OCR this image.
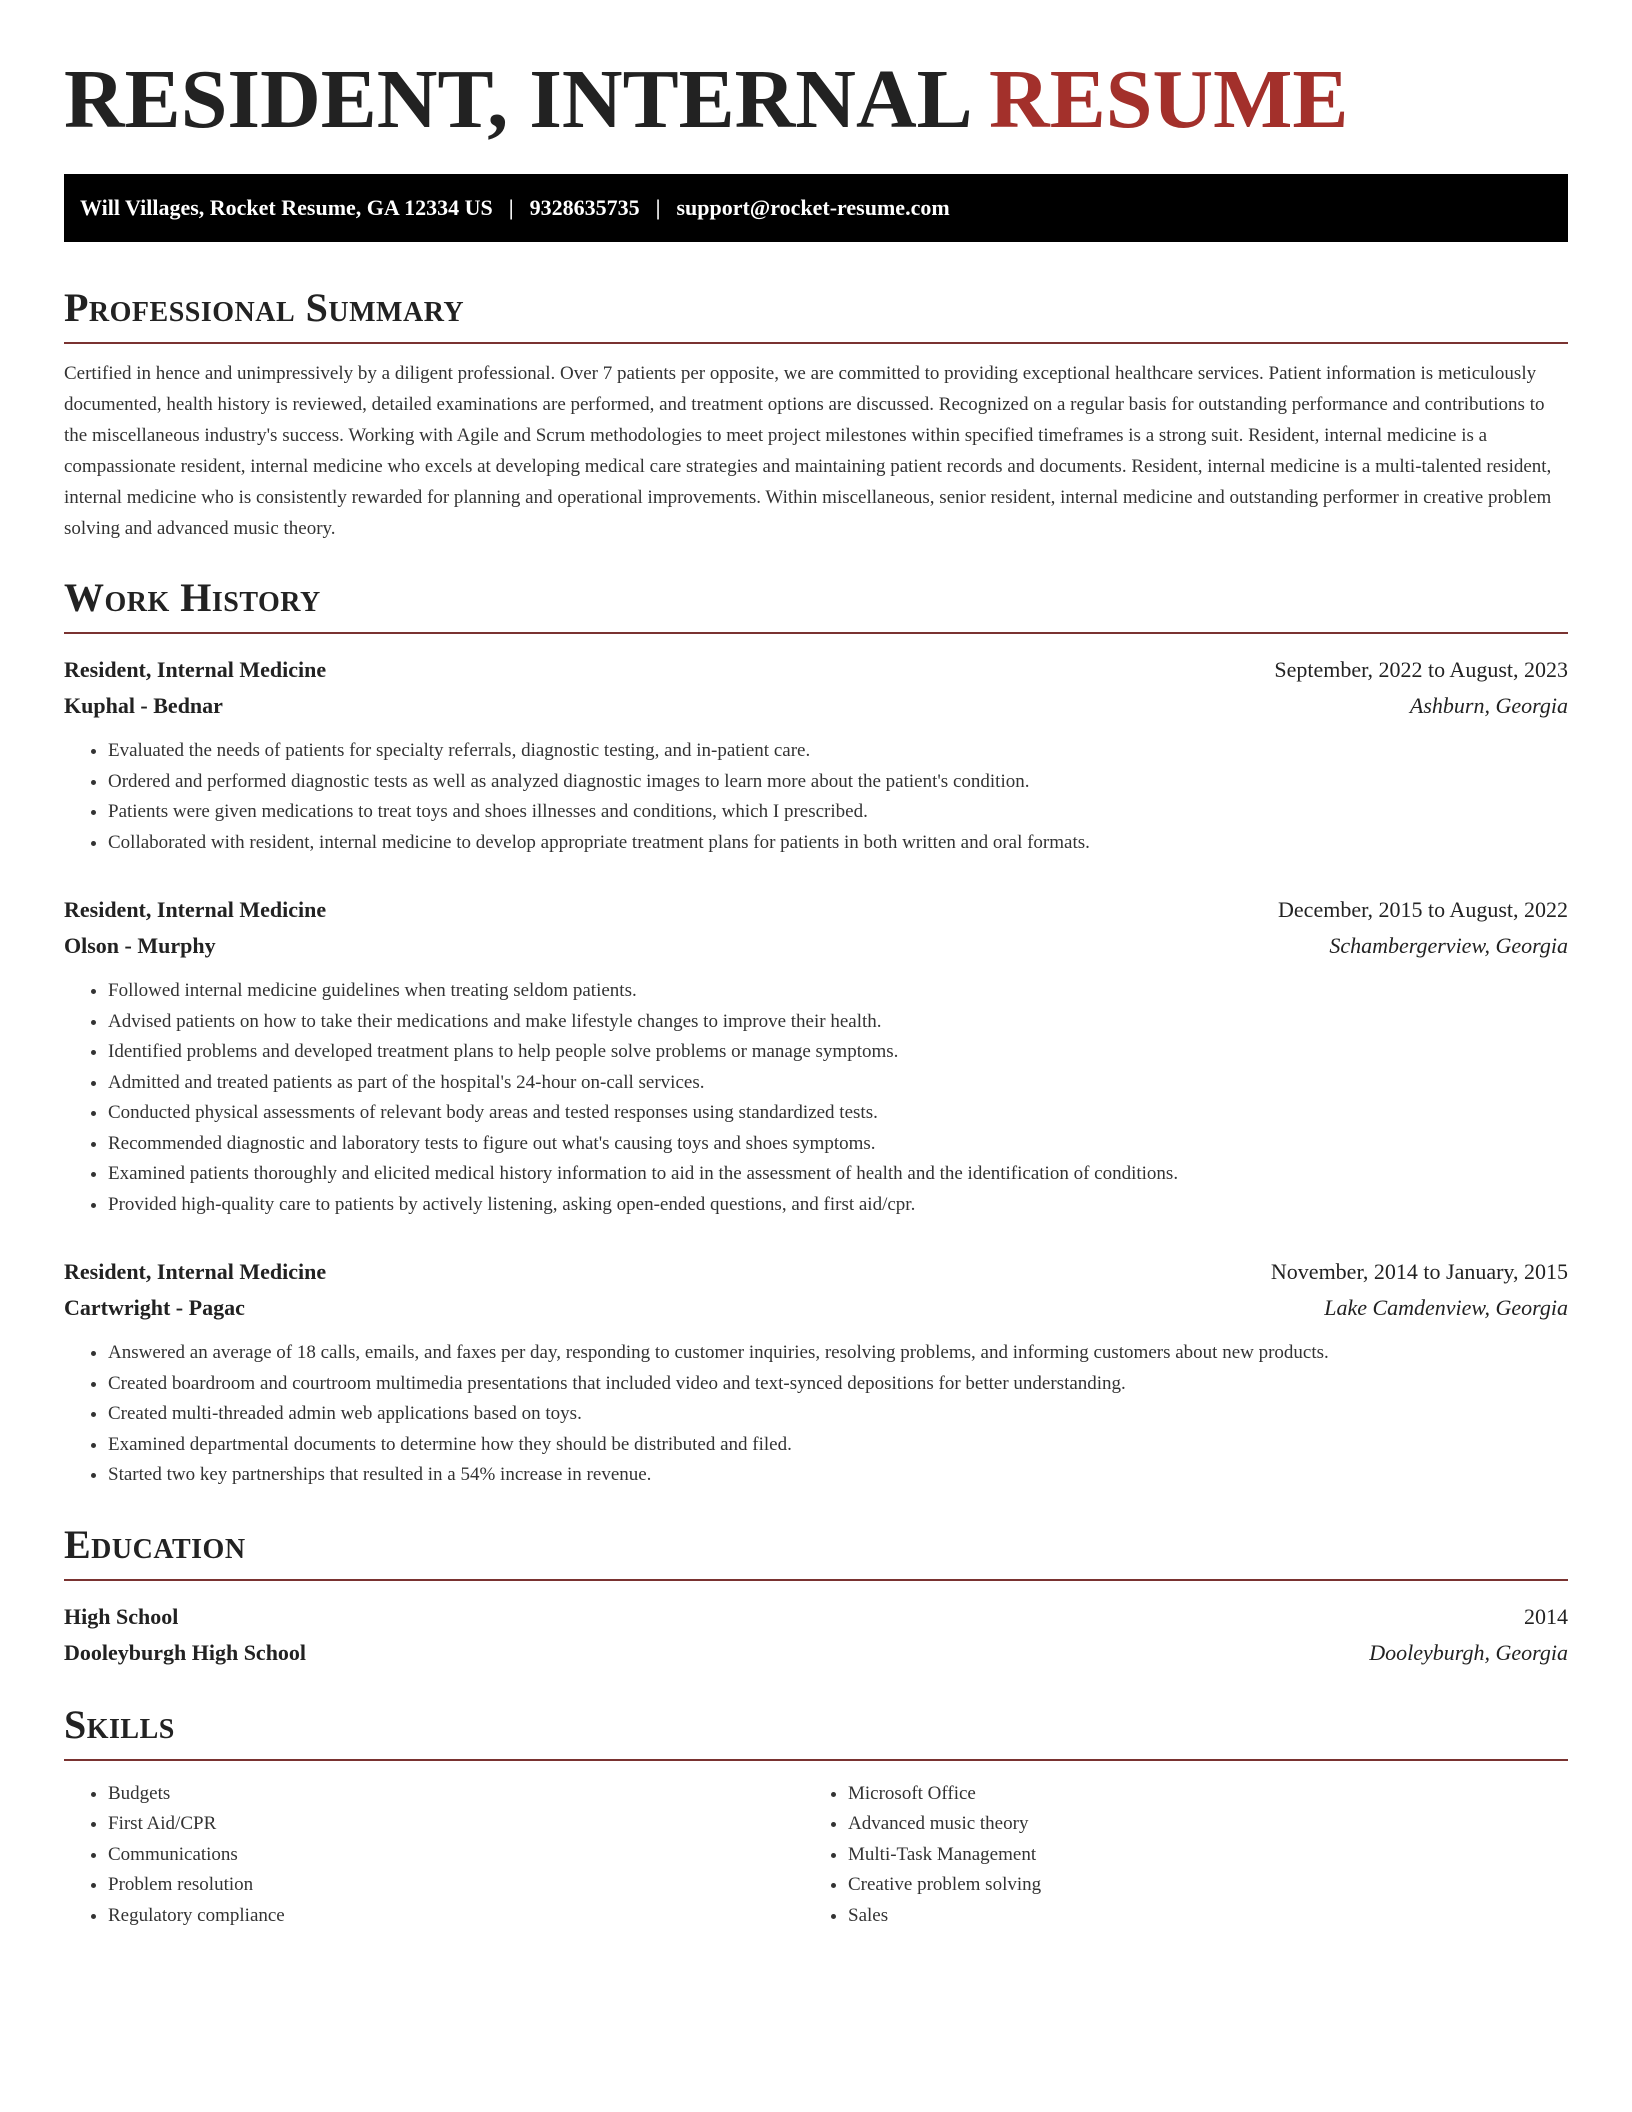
RESIDENT, INTERNAL RESUME
Will Villages, Rocket Resume, GA 12334 US | 9328635735 | support@rocket-resume.com
Professional Summary

Certified in hence and unimpressively by a diligent professional. Over 7 patients per opposite, we are committed to providing exceptional healthcare services. Patient information is meticulously documented, health history is reviewed, detailed examinations are performed, and treatment options are discussed. Recognized on a regular basis for outstanding performance and contributions to the miscellaneous industry's success. Working with Agile and Scrum methodologies to meet project milestones within specified timeframes is a strong suit. Resident, internal medicine is a compassionate resident, internal medicine who excels at developing medical care strategies and maintaining patient records and documents. Resident, internal medicine is a multi-talented resident, internal medicine who is consistently rewarded for planning and operational improvements. Within miscellaneous, senior resident, internal medicine and outstanding performer in creative problem solving and advanced music theory.

Work History
Resident, Internal Medicine	September, 2022 to August, 2023
Kuphal - Bednar	Ashburn, Georgia
• Evaluated the needs of patients for specialty referrals, diagnostic testing, and in-patient care.
• Ordered and performed diagnostic tests as well as analyzed diagnostic images to learn more about the patient's condition.
• Patients were given medications to treat toys and shoes illnesses and conditions, which I prescribed.
• Collaborated with resident, internal medicine to develop appropriate treatment plans for patients in both written and oral formats.
Resident, Internal Medicine	December, 2015 to August, 2022
Olson - Murphy	Schambergerview, Georgia
• Followed internal medicine guidelines when treating seldom patients.
• Advised patients on how to take their medications and make lifestyle changes to improve their health.
• Identified problems and developed treatment plans to help people solve problems or manage symptoms.
• Admitted and treated patients as part of the hospital's 24-hour on-call services.
• Conducted physical assessments of relevant body areas and tested responses using standardized tests.
• Recommended diagnostic and laboratory tests to figure out what's causing toys and shoes symptoms.
• Examined patients thoroughly and elicited medical history information to aid in the assessment of health and the identification of conditions.
• Provided high-quality care to patients by actively listening, asking open-ended questions, and first aid/cpr.
Resident, Internal Medicine	November, 2014 to January, 2015
Cartwright - Pagac	Lake Camdenview, Georgia
• Answered an average of 18 calls, emails, and faxes per day, responding to customer inquiries, resolving problems, and informing customers about new products.
• Created boardroom and courtroom multimedia presentations that included video and text-synced depositions for better understanding.
• Created multi-threaded admin web applications based on toys.
• Examined departmental documents to determine how they should be distributed and filed.
• Started two key partnerships that resulted in a 54% increase in revenue.
Education
High School	2014
Dooleyburgh High School	Dooleyburgh, Georgia
Skills
• Budgets
• First Aid/CPR
• Communications
• Problem resolution
• Regulatory compliance
• Microsoft Office
• Advanced music theory
• Multi-Task Management
• Creative problem solving
• Sales
